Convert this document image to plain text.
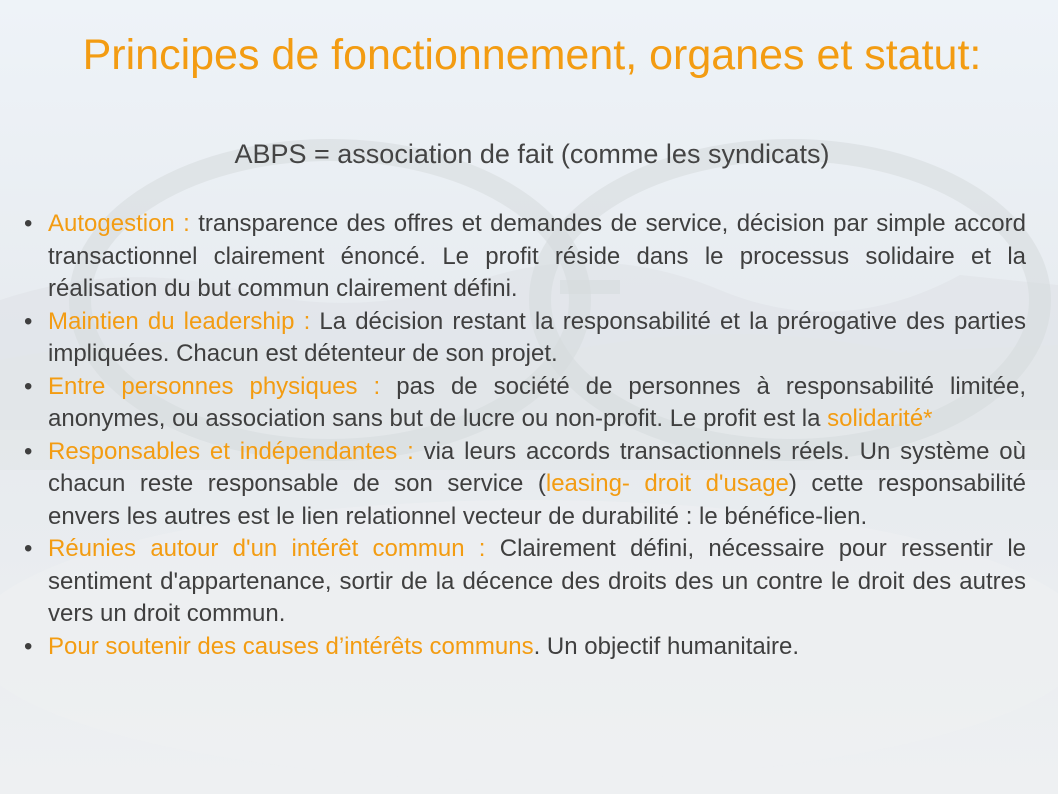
Principes de fonctionnement, organes et statut:

ABPS = association de fait (comme les syndicats)

• Autogestion : transparence des offres et demandes de service, décision par simple accord transactionnel clairement énoncé. Le profit réside dans le processus solidaire et la réalisation du but commun clairement défini.
• Maintien du leadership : La décision restant la responsabilité et la prérogative des parties impliquées. Chacun est détenteur de son projet.
• Entre personnes physiques : pas de société de personnes à responsabilité limitée, anonymes, ou association sans but de lucre ou non-profit. Le profit est la solidarité*
• Responsables et indépendantes : via leurs accords transactionnels réels. Un système où chacun reste responsable de son service (leasing- droit d'usage) cette responsabilité envers les autres est le lien relationnel vecteur de durabilité : le bénéfice-lien.
• Réunies autour d'un intérêt commun : Clairement défini, nécessaire pour ressentir le sentiment d'appartenance, sortir de la décence des droits des un contre le droit des autres vers un droit commun.
• Pour soutenir des causes d’intérêts communs. Un objectif humanitaire.
